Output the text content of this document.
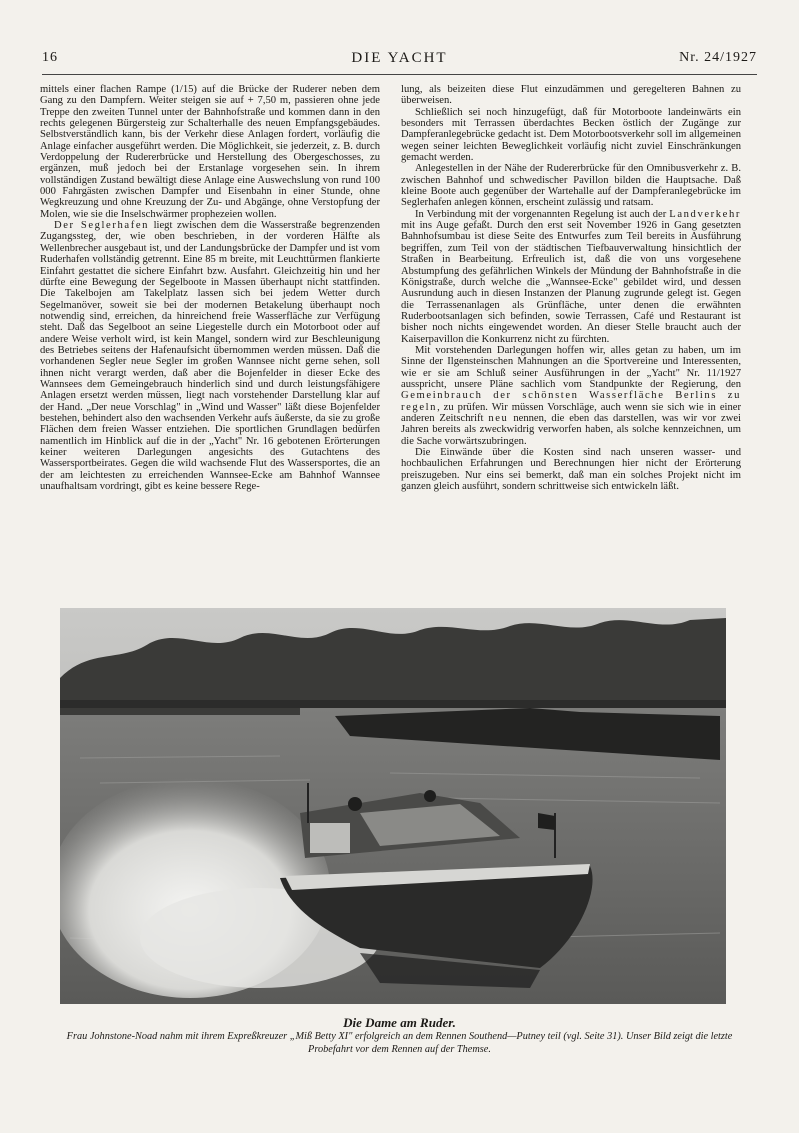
16	DIE YACHT	Nr. 24/1927

mittels einer flachen Rampe (1/15) auf die Brücke der Ruderer neben dem Gang zu den Dampfern. Weiter steigen sie auf + 7,50 m, passieren ohne jede Treppe den zweiten Tunnel unter der Bahnhofstraße und kommen dann in den rechts gelegenen Bürgersteig zur Schalterhalle des neuen Empfangsgebäudes. Selbstverständlich kann, bis der Verkehr diese Anlagen fordert, vorläufig die Anlage einfacher ausgeführt werden. Die Möglichkeit, sie jederzeit, z. B. durch Verdoppelung der Rudererbrücke und Herstellung des Obergeschosses, zu ergänzen, muß jedoch bei der Erstanlage vorgesehen sein. In ihrem vollständigen Zustand bewältigt diese Anlage eine Auswechslung von rund 100 000 Fahrgästen zwischen Dampfer und Eisenbahn in einer Stunde, ohne Wegkreuzung und ohne Kreuzung der Zu- und Abgänge, ohne Verstopfung der Molen, wie sie die Inselschwärmer prophezeien wollen.

Der Seglerhafen liegt zwischen dem die Wasserstraße begrenzenden Zugangssteg, der, wie oben beschrieben, in der vorderen Hälfte als Wellenbrecher ausgebaut ist, und der Landungsbrücke der Dampfer und ist vom Ruderhafen vollständig getrennt. Eine 85 m breite, mit Leuchttürmen flankierte Einfahrt gestattet die sichere Einfahrt bzw. Ausfahrt. Gleichzeitig hin und her dürfte eine Bewegung der Segelboote in Massen überhaupt nicht stattfinden. Die Takelbojen am Takelplatz lassen sich bei jedem Wetter durch Segelmanöver, soweit sie bei der modernen Betakelung überhaupt noch notwendig sind, erreichen, da hinreichend freie Wasserfläche zur Verfügung steht. Daß das Segelboot an seine Liegestelle durch ein Motorboot oder auf andere Weise verholt wird, ist kein Mangel, sondern wird zur Beschleunigung des Betriebes seitens der Hafenaufsicht übernommen werden müssen. Daß die vorhandenen Segler neue Segler im großen Wannsee nicht gerne sehen, soll ihnen nicht verargt werden, daß aber die Bojenfelder in dieser Ecke des Wannsees dem Gemeingebrauch hinderlich sind und durch leistungsfähigere Anlagen ersetzt werden müssen, liegt nach vorstehender Darstellung klar auf der Hand. „Der neue Vorschlag" in „Wind und Wasser" läßt diese Bojenfelder bestehen, behindert also den wachsenden Verkehr aufs äußerste, da sie zu große Flächen dem freien Wasser entziehen. Die sportlichen Grundlagen bedürfen namentlich im Hinblick auf die in der „Yacht" Nr. 16 gebotenen Erörterungen keiner weiteren Darlegungen angesichts des Gutachtens des Wassersportbeirates. Gegen die wild wachsende Flut des Wassersportes, die an der am leichtesten zu erreichenden Wannsee-Ecke am Bahnhof Wannsee unaufhaltsam vordringt, gibt es keine bessere Rege-

lung, als beizeiten diese Flut einzudämmen und geregelteren Bahnen zu überweisen.

Schließlich sei noch hinzugefügt, daß für Motorboote landeinwärts ein besonders mit Terrassen überdachtes Becken östlich der Zugänge zur Dampferanlegebrücke gedacht ist. Dem Motorbootsverkehr soll im allgemeinen wegen seiner leichten Beweglichkeit vorläufig nicht zuviel Einschränkungen gemacht werden.

Anlegestellen in der Nähe der Rudererbrücke für den Omnibusverkehr z. B. zwischen Bahnhof und schwedischer Pavillon bilden die Hauptsache. Daß kleine Boote auch gegenüber der Wartehalle auf der Dampferanlegebrücke im Seglerhafen anlegen können, erscheint zulässig und ratsam.

In Verbindung mit der vorgenannten Regelung ist auch der Landverkehr mit ins Auge gefaßt. Durch den erst seit November 1926 in Gang gesetzten Bahnhofsumbau ist diese Seite des Entwurfes zum Teil bereits in Ausführung begriffen, zum Teil von der städtischen Tiefbauverwaltung hinsichtlich der Straßen in Bearbeitung. Erfreulich ist, daß die von uns vorgesehene Abstumpfung des gefährlichen Winkels der Mündung der Bahnhofstraße in die Königstraße, durch welche die „Wannsee-Ecke" gebildet wird, und dessen Ausrundung auch in diesen Instanzen der Planung zugrunde gelegt ist. Gegen die Terrassenanlagen als Grünfläche, unter denen die erwähnten Ruderbootsanlagen sich befinden, sowie Terrassen, Café und Restaurant ist bisher noch nichts eingewendet worden. An dieser Stelle braucht auch der Kaiserpavillon die Konkurrenz nicht zu fürchten.

Mit vorstehenden Darlegungen hoffen wir, alles getan zu haben, um im Sinne der Ilgensteinschen Mahnungen an die Sportvereine und Interessenten, wie er sie am Schluß seiner Ausführungen in der „Yacht" Nr. 11/1927 ausspricht, unsere Pläne sachlich vom Standpunkte der Regierung, den Gemeinbrauch der schönsten Wasserfläche Berlins zu regeln, zu prüfen. Wir müssen Vorschläge, auch wenn sie sich wie in einer anderen Zeitschrift neu nennen, die eben das darstellen, was wir vor zwei Jahren bereits als zweckwidrig verworfen haben, als solche kennzeichnen, um die Sache vorwärtszubringen.

Die Einwände über die Kosten sind nach unseren wasser- und hochbaulichen Erfahrungen und Berechnungen hier nicht der Erörterung preiszugeben. Nur eins sei bemerkt, daß man ein solches Projekt nicht im ganzen gleich ausführt, sondern schrittweise sich entwickeln läßt.

Die Dame am Ruder.
Frau Johnstone-Noad nahm mit ihrem Expreßkreuzer „Miß Betty XI" erfolgreich an dem Rennen Southend—Putney teil (vgl. Seite 31). Unser Bild zeigt die letzte Probefahrt vor dem Rennen auf der Themse.
